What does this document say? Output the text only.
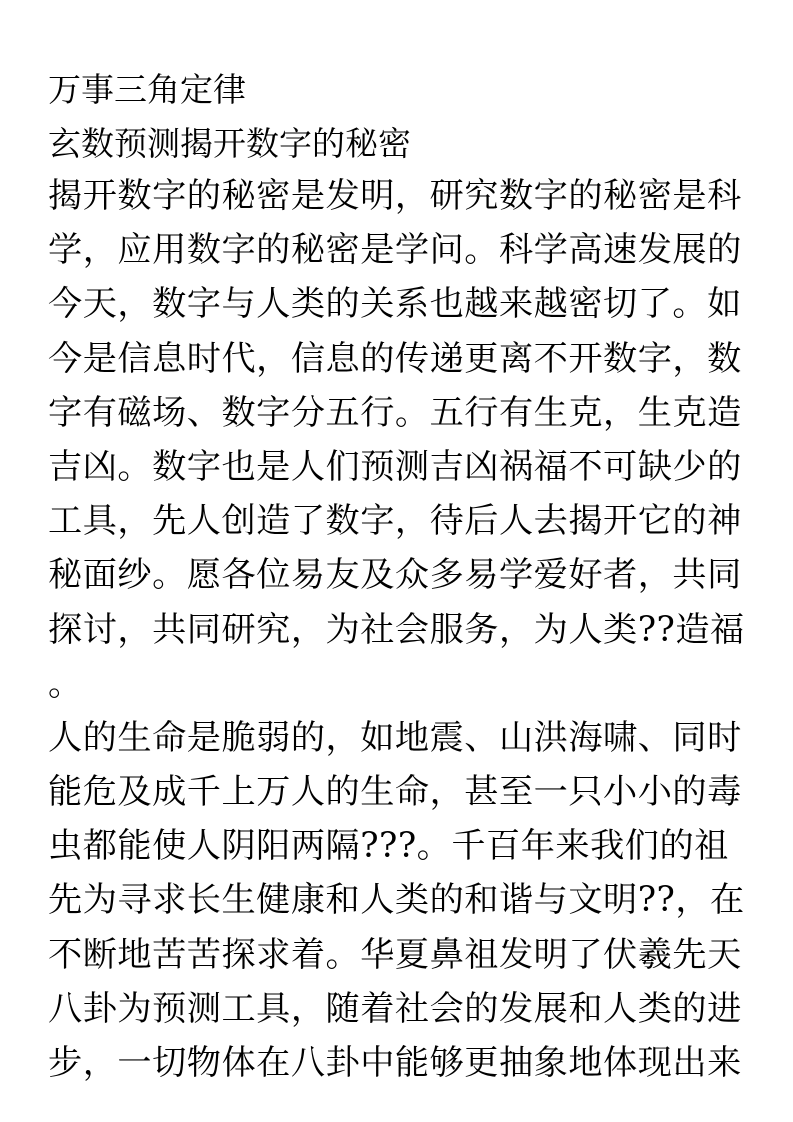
万事三角定律
玄数预测揭开数字的秘密
揭开数字的秘密是发明，研究数字的秘密是科
学，应用数字的秘密是学问。科学高速发展的
今天，数字与人类的关系也越来越密切了。如
今是信息时代，信息的传递更离不开数字，数
字有磁场、数字分五行。五行有生克，生克造
吉凶。数字也是人们预测吉凶祸福不可缺少的
工具，先人创造了数字，待后人去揭开它的神
秘面纱。愿各位易友及众多易学爱好者，共同
探讨，共同研究，为社会服务，为人类??造福
。
人的生命是脆弱的，如地震、山洪海啸、同时
能危及成千上万人的生命，甚至一只小小的毒
虫都能使人阴阳两隔???。千百年来我们的祖
先为寻求长生健康和人类的和谐与文明??，在
不断地苦苦探求着。华夏鼻祖发明了伏羲先天
八卦为预测工具，随着社会的发展和人类的进
步，一切物体在八卦中能够更抽象地体现出来
